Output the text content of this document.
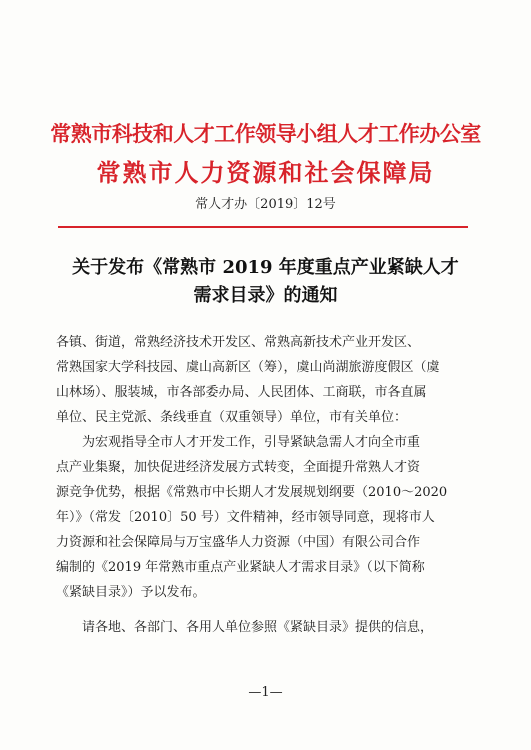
常熟市科技和人才工作领导小组人才工作办公室
常熟市人力资源和社会保障局
常人才办〔2019〕12号
关于发布《常熟市 2019 年度重点产业紧缺人才
需求目录》的通知
各镇、街道，常熟经济技术开发区、常熟高新技术产业开发区、
常熟国家大学科技园、虞山高新区（筹），虞山尚湖旅游度假区（虞
山林场）、服装城，市各部委办局、人民团体、工商联，市各直属
单位、民主党派、条线垂直（双重领导）单位，市有关单位：
为宏观指导全市人才开发工作，引导紧缺急需人才向全市重
点产业集聚，加快促进经济发展方式转变，全面提升常熟人才资
源竞争优势，根据《常熟市中长期人才发展规划纲要（2010～2020
年）》（常发〔2010〕50 号）文件精神，经市领导同意，现将市人
力资源和社会保障局与万宝盛华人力资源（中国）有限公司合作
编制的《2019 年常熟市重点产业紧缺人才需求目录》（以下简称
《紧缺目录》）予以发布。
请各地、各部门、各用人单位参照《紧缺目录》提供的信息，
—1—
